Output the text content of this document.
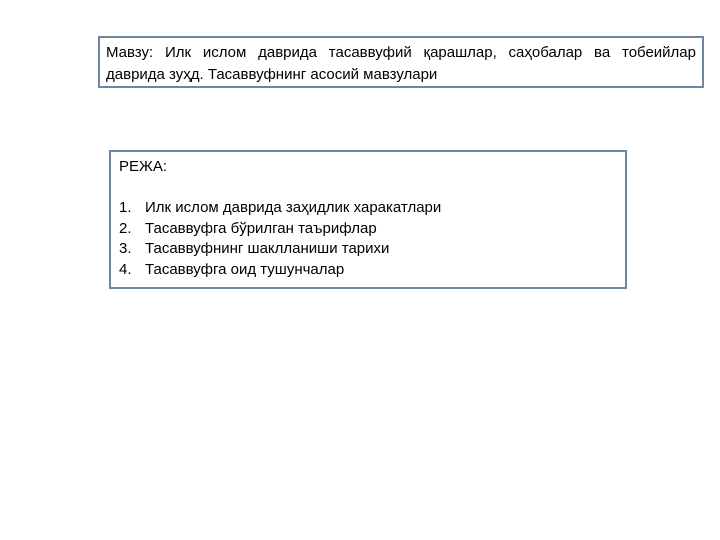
Мавзу: Илк ислом даврида тасаввуфий қарашлар, саҳобалар ва тобеийлар даврида зуҳд. Тасаввуфнинг асосий мавзулари

РЕЖА:

1. Илк ислом даврида заҳидлик харакатлари
2. Тасаввуфга бўрилган таърифлар
3. Тасаввуфнинг шаклланиши тарихи
4. Тасаввуфга оид тушунчалар
